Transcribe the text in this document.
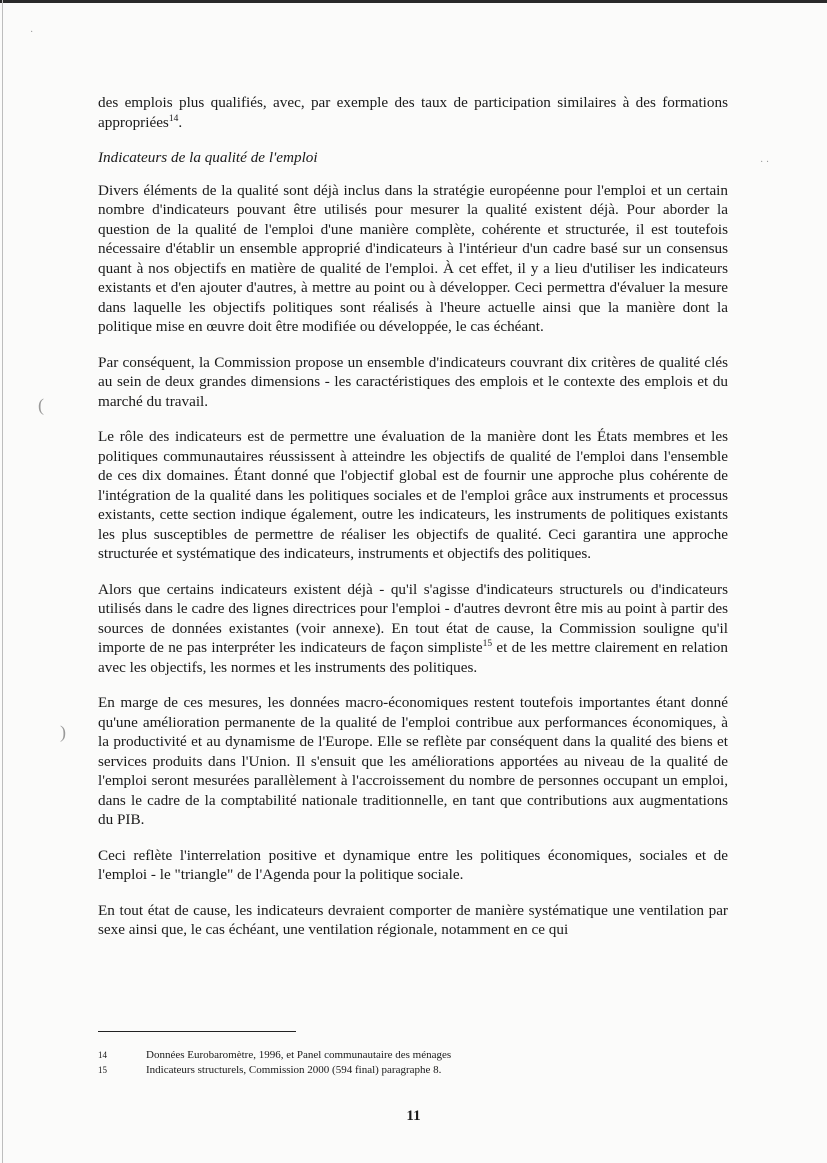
·
· ·
(
)

des emplois plus qualifiés, avec, par exemple des taux de participation similaires à des formations appropriées$^{14}$.

Indicateurs de la qualité de l'emploi

Divers éléments de la qualité sont déjà inclus dans la stratégie européenne pour l'emploi et un certain nombre d'indicateurs pouvant être utilisés pour mesurer la qualité existent déjà. Pour aborder la question de la qualité de l'emploi d'une manière complète, cohérente et structurée, il est toutefois nécessaire d'établir un ensemble approprié d'indicateurs à l'intérieur d'un cadre basé sur un consensus quant à nos objectifs en matière de qualité de l'emploi. À cet effet, il y a lieu d'utiliser les indicateurs existants et d'en ajouter d'autres, à mettre au point ou à développer. Ceci permettra d'évaluer la mesure dans laquelle les objectifs politiques sont réalisés à l'heure actuelle ainsi que la manière dont la politique mise en œuvre doit être modifiée ou développée, le cas échéant.

Par conséquent, la Commission propose un ensemble d'indicateurs couvrant dix critères de qualité clés au sein de deux grandes dimensions - les caractéristiques des emplois et le contexte des emplois et du marché du travail.

Le rôle des indicateurs est de permettre une évaluation de la manière dont les États membres et les politiques communautaires réussissent à atteindre les objectifs de qualité de l'emploi dans l'ensemble de ces dix domaines. Étant donné que l'objectif global est de fournir une approche plus cohérente de l'intégration de la qualité dans les politiques sociales et de l'emploi grâce aux instruments et processus existants, cette section indique également, outre les indicateurs, les instruments de politiques existants les plus susceptibles de permettre de réaliser les objectifs de qualité. Ceci garantira une approche structurée et systématique des indicateurs, instruments et objectifs des politiques.

Alors que certains indicateurs existent déjà - qu'il s'agisse d'indicateurs structurels ou d'indicateurs utilisés dans le cadre des lignes directrices pour l'emploi - d'autres devront être mis au point à partir des sources de données existantes (voir annexe). En tout état de cause, la Commission souligne qu'il importe de ne pas interpréter les indicateurs de façon simpliste$^{15}$ et de les mettre clairement en relation avec les objectifs, les normes et les instruments des politiques.

En marge de ces mesures, les données macro-économiques restent toutefois importantes étant donné qu'une amélioration permanente de la qualité de l'emploi contribue aux performances économiques, à la productivité et au dynamisme de l'Europe. Elle se reflète par conséquent dans la qualité des biens et services produits dans l'Union. Il s'ensuit que les améliorations apportées au niveau de la qualité de l'emploi seront mesurées parallèlement à l'accroissement du nombre de personnes occupant un emploi, dans le cadre de la comptabilité nationale traditionnelle, en tant que contributions aux augmentations du PIB.

Ceci reflète l'interrelation positive et dynamique entre les politiques économiques, sociales et de l'emploi - le "triangle" de l'Agenda pour la politique sociale.

En tout état de cause, les indicateurs devraient comporter de manière systématique une ventilation par sexe ainsi que, le cas échéant, une ventilation régionale, notamment en ce qui

14	Données Eurobaromètre, 1996, et Panel communautaire des ménages
15	Indicateurs structurels, Commission 2000 (594 final) paragraphe 8.
11
